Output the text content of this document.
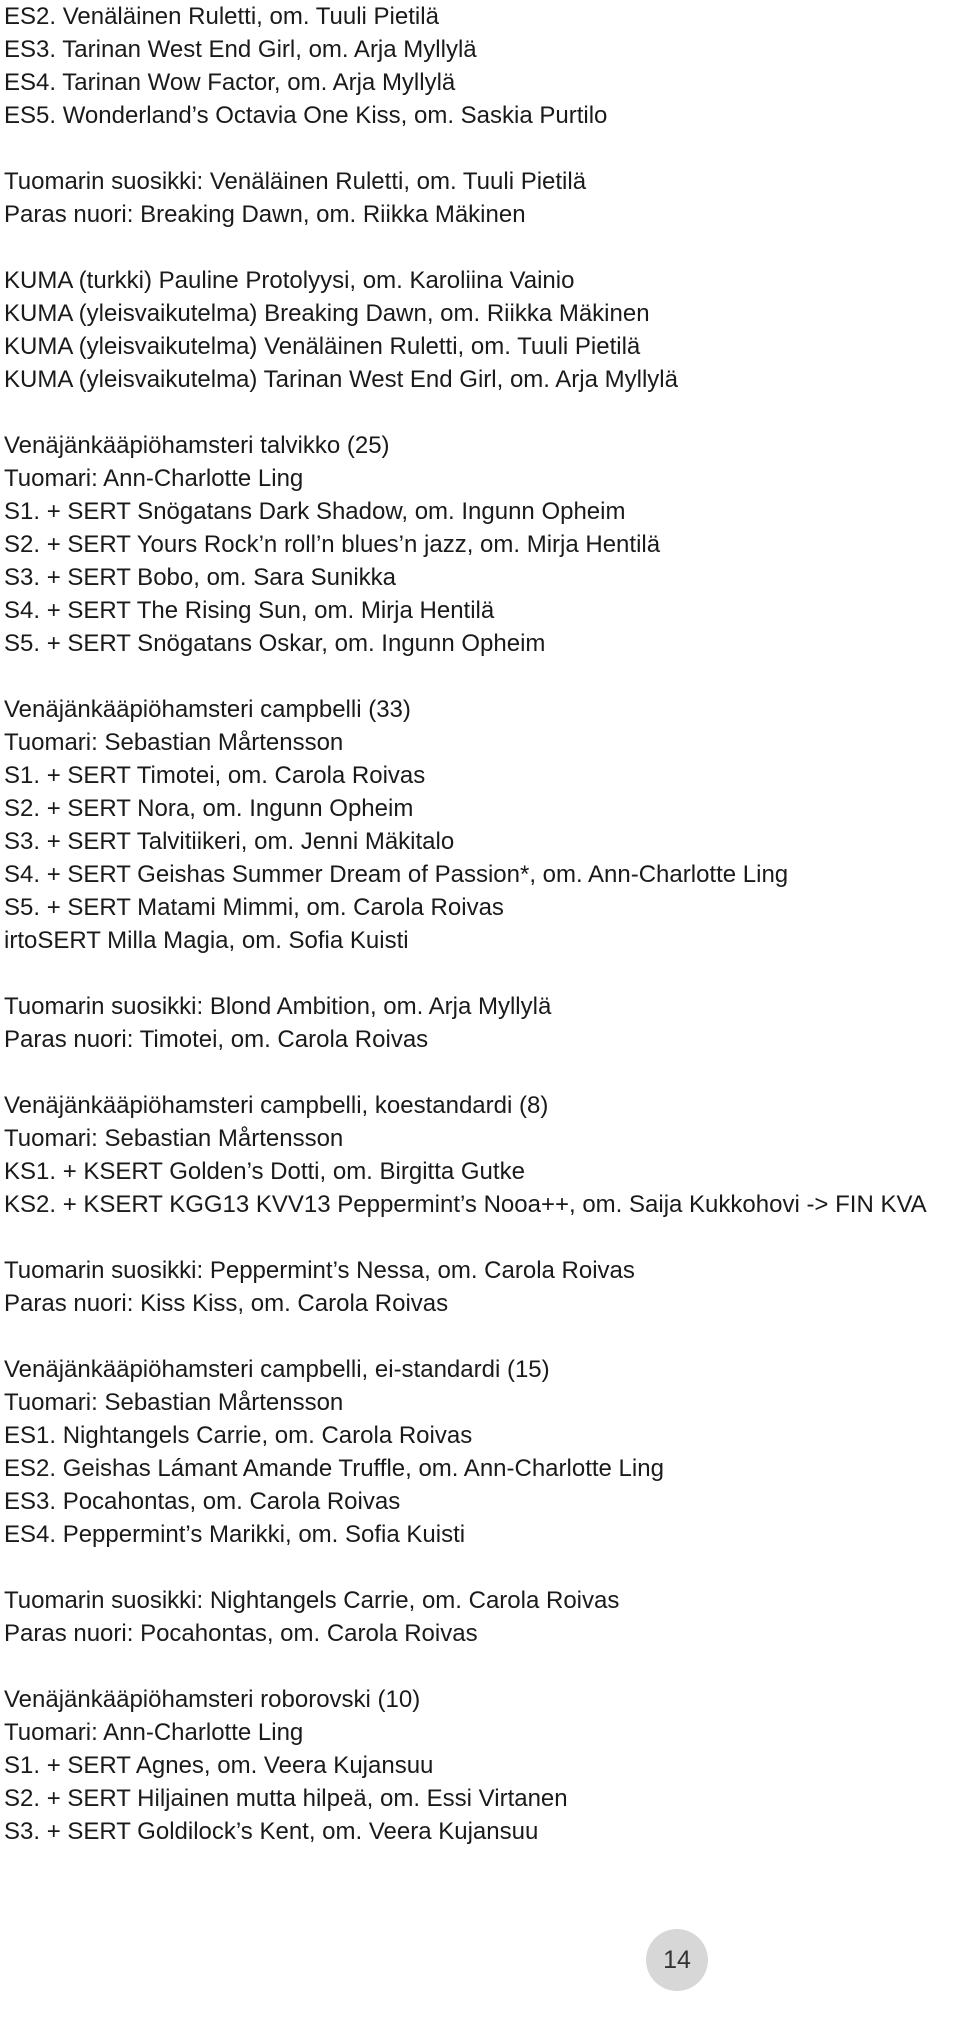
ES2. Venäläinen Ruletti, om. Tuuli Pietilä
ES3. Tarinan West End Girl, om. Arja Myllylä
ES4. Tarinan Wow Factor, om. Arja Myllylä
ES5. Wonderland’s Octavia One Kiss, om. Saskia Purtilo
Tuomarin suosikki: Venäläinen Ruletti, om. Tuuli Pietilä
Paras nuori: Breaking Dawn, om. Riikka Mäkinen
KUMA (turkki) Pauline Protolyysi, om. Karoliina Vainio
KUMA (yleisvaikutelma) Breaking Dawn, om. Riikka Mäkinen
KUMA (yleisvaikutelma) Venäläinen Ruletti, om. Tuuli Pietilä
KUMA (yleisvaikutelma) Tarinan West End Girl, om. Arja Myllylä
Venäjänkääpiöhamsteri talvikko (25)
Tuomari: Ann-Charlotte Ling
S1. + SERT Snögatans Dark Shadow, om. Ingunn Opheim
S2. + SERT Yours Rock’n roll’n blues’n jazz, om. Mirja Hentilä
S3. + SERT Bobo, om. Sara Sunikka
S4. + SERT The Rising Sun, om. Mirja Hentilä
S5. + SERT Snögatans Oskar, om. Ingunn Opheim
Venäjänkääpiöhamsteri campbelli (33)
Tuomari: Sebastian Mårtensson
S1. + SERT Timotei, om. Carola Roivas
S2. + SERT Nora, om. Ingunn Opheim
S3. + SERT Talvitiikeri, om. Jenni Mäkitalo
S4. + SERT Geishas Summer Dream of Passion*, om. Ann-Charlotte Ling
S5. + SERT Matami Mimmi, om. Carola Roivas
irtoSERT Milla Magia, om. Sofia Kuisti
Tuomarin suosikki: Blond Ambition, om. Arja Myllylä
Paras nuori: Timotei, om. Carola Roivas
Venäjänkääpiöhamsteri campbelli, koestandardi (8)
Tuomari: Sebastian Mårtensson
KS1. + KSERT Golden’s Dotti, om. Birgitta Gutke
KS2. + KSERT KGG13 KVV13 Peppermint’s Nooa++, om. Saija Kukkohovi -> FIN KVA
Tuomarin suosikki: Peppermint’s Nessa, om. Carola Roivas
Paras nuori: Kiss Kiss, om. Carola Roivas
Venäjänkääpiöhamsteri campbelli, ei-standardi (15)
Tuomari: Sebastian Mårtensson
ES1. Nightangels Carrie, om. Carola Roivas
ES2. Geishas Lámant Amande Truffle, om. Ann-Charlotte Ling
ES3. Pocahontas, om. Carola Roivas
ES4. Peppermint’s Marikki, om. Sofia Kuisti
Tuomarin suosikki: Nightangels Carrie, om. Carola Roivas
Paras nuori: Pocahontas, om. Carola Roivas
Venäjänkääpiöhamsteri roborovski (10)
Tuomari: Ann-Charlotte Ling
S1. + SERT Agnes, om. Veera Kujansuu
S2. + SERT Hiljainen mutta hilpeä, om. Essi Virtanen
S3. + SERT Goldilock’s Kent, om. Veera Kujansuu
14
